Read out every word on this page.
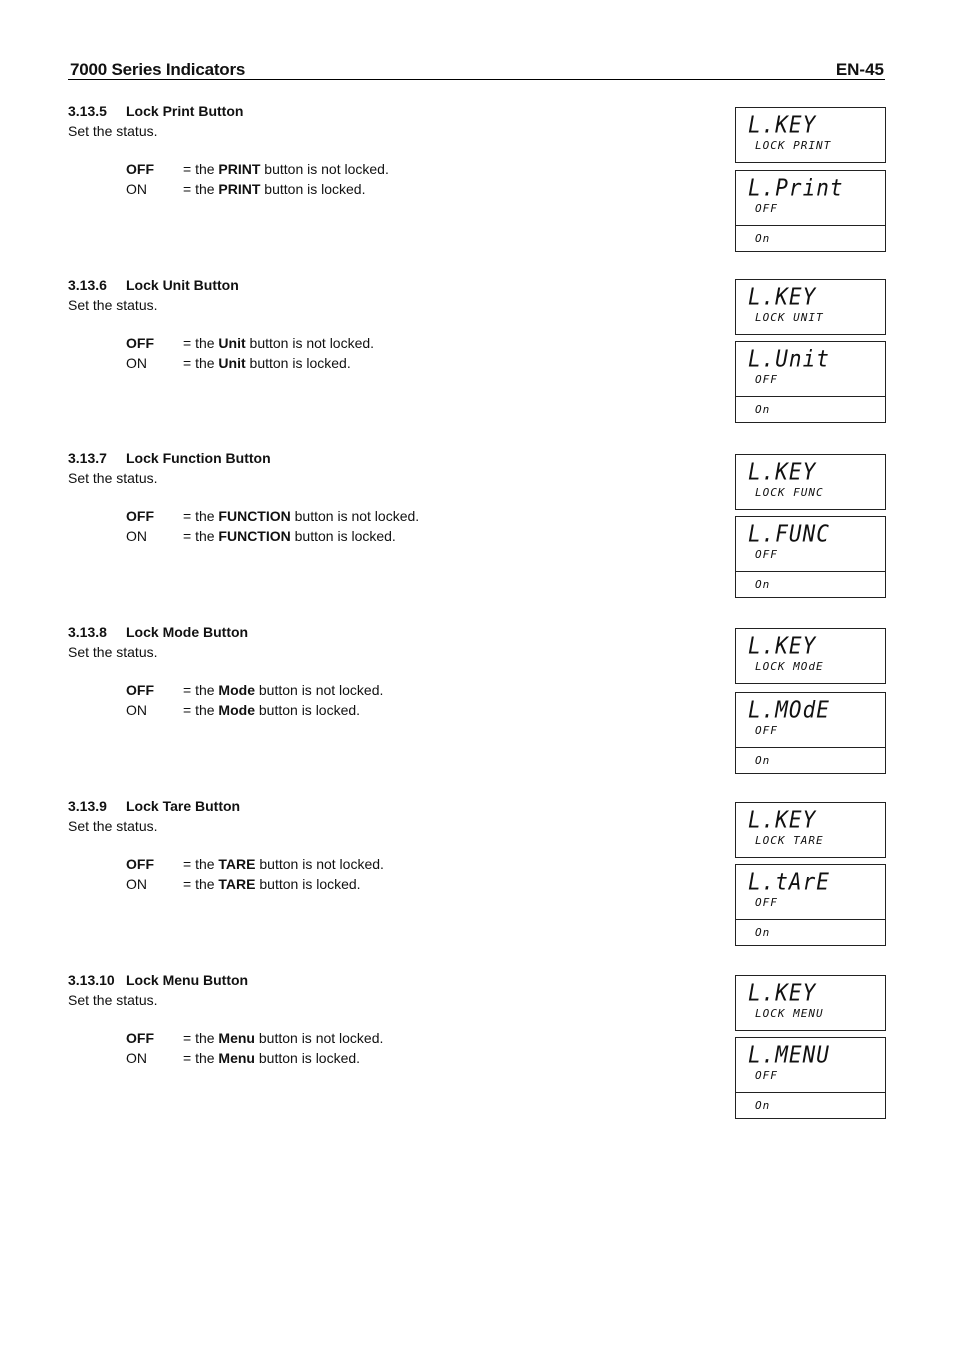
7000 Series Indicators	EN-45
3.13.5 Lock Print Button
Set the status.
OFF = the PRINT button is not locked.
ON	= the PRINT button is locked.
L.KEY
LOCK PRINT
L.Print
OFF
On
3.13.6 Lock Unit Button
Set the status.
OFF = the Unit button is not locked.
ON	= the Unit button is locked.
L.KEY
LOCK UNIT
L.Unit
OFF
On
3.13.7 Lock Function Button
Set the status.
OFF = the FUNCTION button is not locked.
ON	= the FUNCTION button is locked.
L.KEY
LOCK FUNC
L.FUNC
OFF
On
3.13.8 Lock Mode Button
Set the status.
OFF = the Mode button is not locked.
ON	= the Mode button is locked.
L.KEY
LOCK MOdE
L.MOdE
OFF
On
3.13.9 Lock Tare Button
Set the status.
OFF = the TARE button is not locked.
ON	= the TARE button is locked.
L.KEY
LOCK TARE
L.tArE
OFF
On
3.13.10 Lock Menu Button
Set the status.
OFF = the Menu button is not locked.
ON	= the Menu button is locked.
L.KEY
LOCK MENU
L.MENU
OFF
On
